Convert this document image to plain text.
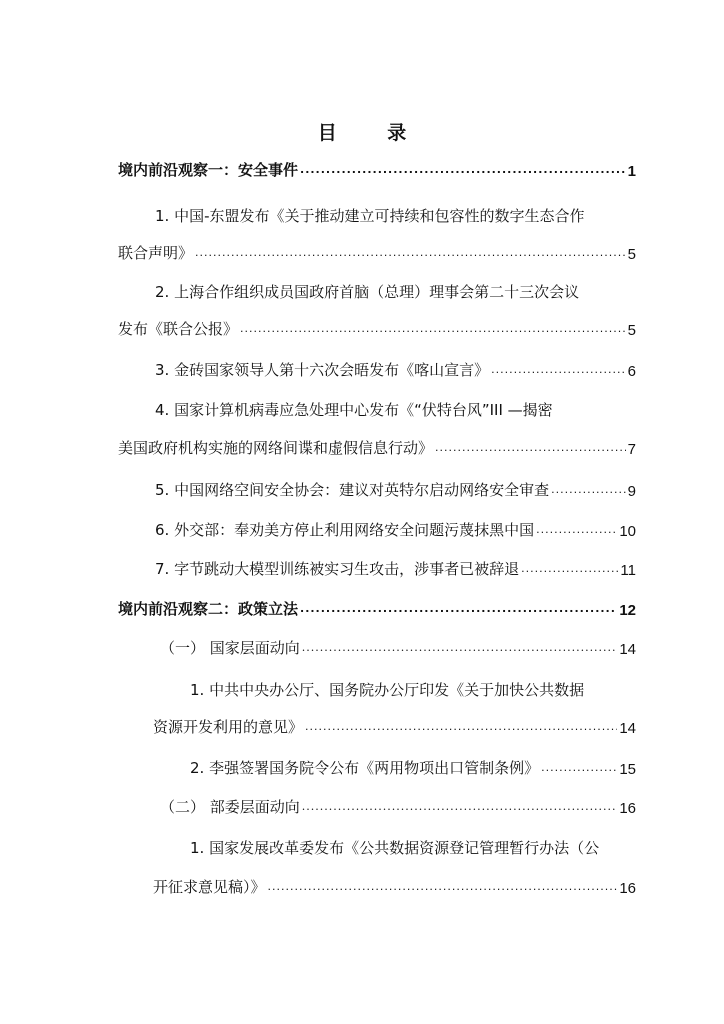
目 录
境内前沿观察一：安全事件 .....	1
1. 中国-东盟发布《关于推动建立可持续和包容性的数字生态合作
联合声明》 .....	5
2. 上海合作组织成员国政府首脑（总理）理事会第二十三次会议
发布《联合公报》 .....	5
3. 金砖国家领导人第十六次会晤发布《喀山宣言》 .....	6
4. 国家计算机病毒应急处理中心发布《“伏特台风”III —揭密
美国政府机构实施的网络间谍和虚假信息行动》 .....	7
5. 中国网络空间安全协会：建议对英特尔启动网络安全审查 .....	9
6. 外交部：奉劝美方停止利用网络安全问题污蔑抹黑中国 .....	10
7. 字节跳动大模型训练被实习生攻击，涉事者已被辞退 .....	11
境内前沿观察二：政策立法 .....	12
（一） 国家层面动向 .....	14
1. 中共中央办公厅、国务院办公厅印发《关于加快公共数据
资源开发利用的意见》 .....	14
2. 李强签署国务院令公布《两用物项出口管制条例》 .....	15
（二） 部委层面动向 .....	16
1. 国家发展改革委发布《公共数据资源登记管理暂行办法（公
开征求意见稿）》 .....	16
